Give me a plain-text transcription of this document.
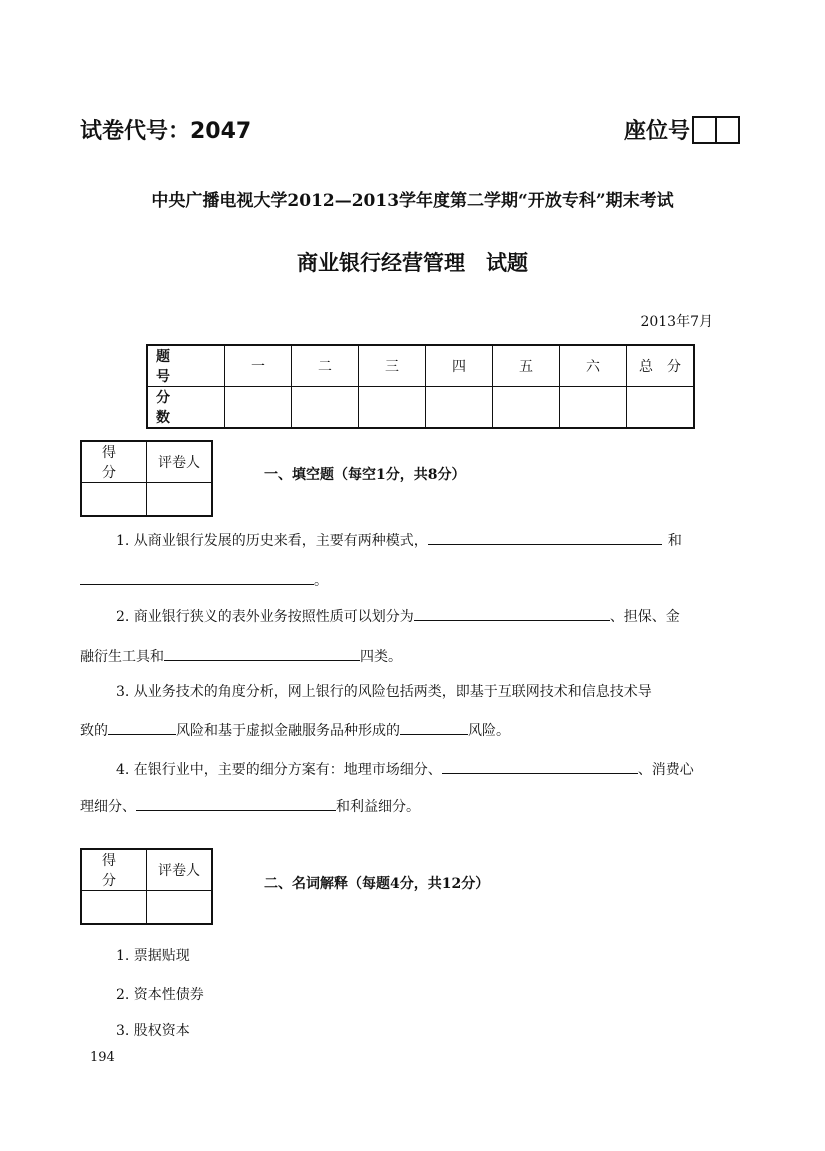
试卷代号：2047	座位号
中央广播电视大学2012—2013学年度第二学期“开放专科”期末考试
商业银行经营管理　试题
2013年7月
题　号	一	二	三	四	五	六	总　分
分　数							
得　分	评卷人

一、填空题（每空1分，共8分）
1. 从商业银行发展的历史来看，主要有两种模式，	和
。
2. 商业银行狭义的表外业务按照性质可以划分为	、担保、金
融衍生工具和	四类。
3. 从业务技术的角度分析，网上银行的风险包括两类，即基于互联网技术和信息技术导
致的	风险和基于虚拟金融服务品种形成的	风险。
4. 在银行业中，主要的细分方案有：地理市场细分、	、消费心
理细分、	和利益细分。
得　分	评卷人

二、名词解释（每题4分，共12分）
1. 票据贴现
2. 资本性债券
3. 股权资本
194
